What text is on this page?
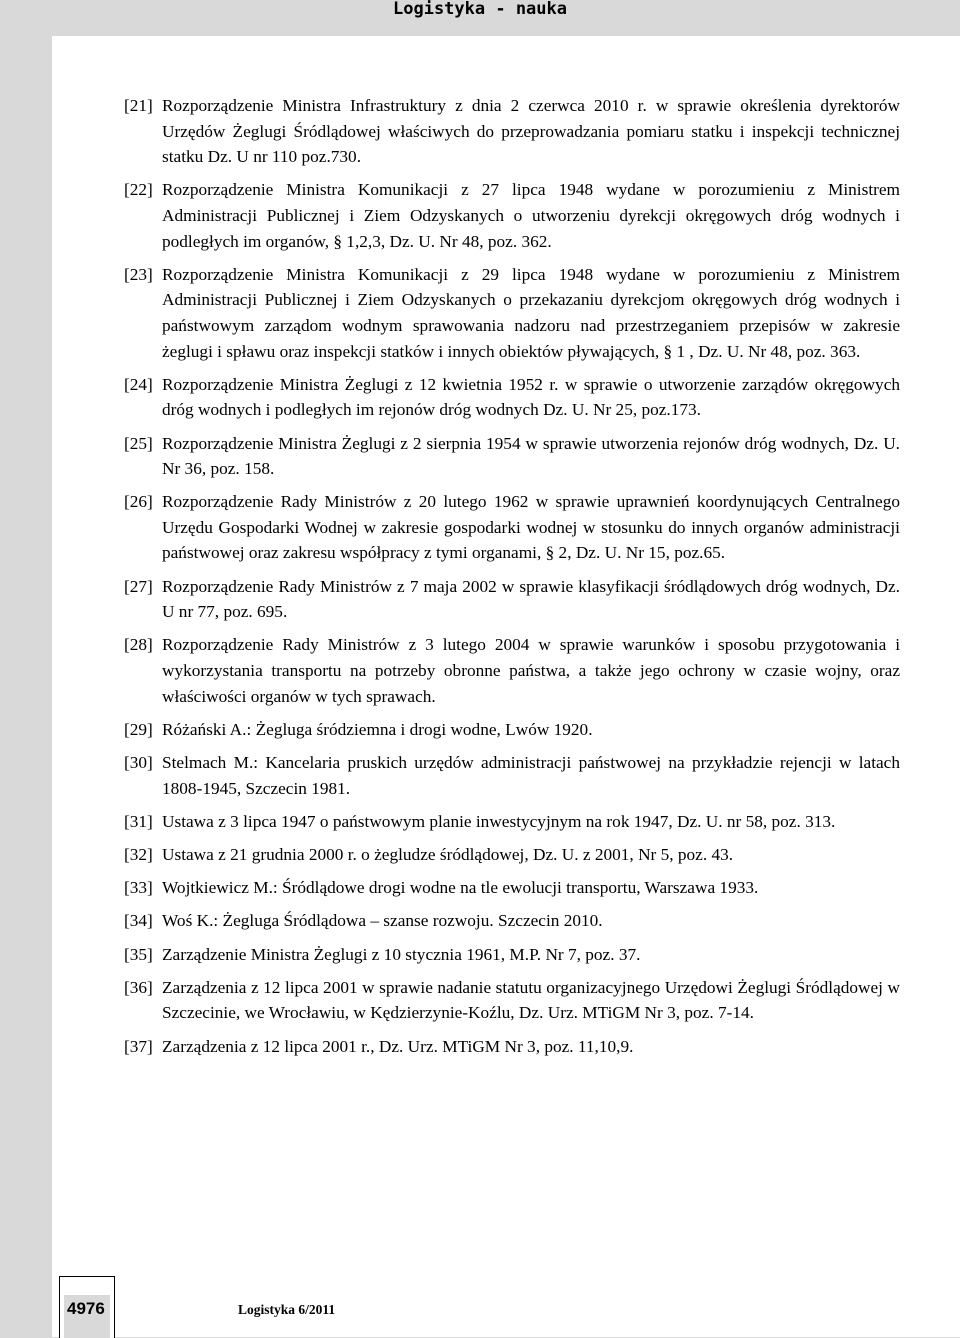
Logistyka - nauka
[21] Rozporządzenie Ministra Infrastruktury z dnia 2 czerwca 2010 r. w sprawie określenia dyrektorów Urzędów Żeglugi Śródlądowej właściwych do przeprowadzania pomiaru statku i inspekcji technicznej statku Dz. U nr 110 poz.730.
[22] Rozporządzenie Ministra Komunikacji z 27 lipca 1948 wydane w porozumieniu z Ministrem Administracji Publicznej i Ziem Odzyskanych o utworzeniu dyrekcji okręgowych dróg wodnych i podległych im organów, § 1,2,3, Dz. U. Nr 48, poz. 362.
[23] Rozporządzenie Ministra Komunikacji z 29 lipca 1948 wydane w porozumieniu z Ministrem Administracji Publicznej i Ziem Odzyskanych o przekazaniu dyrekcjom okręgowych dróg wodnych i państwowym zarządom wodnym sprawowania nadzoru nad przestrzeganiem przepisów w zakresie żeglugi i spławu oraz inspekcji statków i innych obiektów pływających, § 1 , Dz. U. Nr 48, poz. 363.
[24] Rozporządzenie Ministra Żeglugi z 12 kwietnia 1952 r. w sprawie o utworzenie zarządów okręgowych dróg wodnych i podległych im rejonów dróg wodnych Dz. U. Nr 25, poz.173.
[25] Rozporządzenie Ministra Żeglugi z 2 sierpnia 1954 w sprawie utworzenia rejonów dróg wodnych, Dz. U. Nr 36, poz. 158.
[26] Rozporządzenie Rady Ministrów z 20 lutego 1962 w sprawie uprawnień koordynujących Centralnego Urzędu Gospodarki Wodnej w zakresie gospodarki wodnej w stosunku do innych organów administracji państwowej oraz zakresu współpracy z tymi organami, § 2, Dz. U. Nr 15, poz.65.
[27] Rozporządzenie Rady Ministrów z 7 maja 2002 w sprawie klasyfikacji śródlądowych dróg wodnych, Dz. U nr 77, poz. 695.
[28] Rozporządzenie Rady Ministrów z 3 lutego 2004 w sprawie warunków i sposobu przygotowania i wykorzystania transportu na potrzeby obronne państwa, a także jego ochrony w czasie wojny, oraz właściwości organów w tych sprawach.
[29] Różański A.: Żegluga śródziemna i drogi wodne, Lwów 1920.
[30] Stelmach M.: Kancelaria pruskich urzędów administracji państwowej na przykładzie rejencji w latach 1808-1945, Szczecin 1981.
[31] Ustawa z 3 lipca 1947 o państwowym planie inwestycyjnym na rok 1947, Dz. U. nr 58, poz. 313.
[32] Ustawa z 21 grudnia 2000 r. o żegludze śródlądowej, Dz. U. z 2001, Nr 5, poz. 43.
[33] Wojtkiewicz M.: Śródlądowe drogi wodne na tle ewolucji transportu, Warszawa 1933.
[34] Woś K.: Żegluga Śródlądowa – szanse rozwoju. Szczecin 2010.
[35] Zarządzenie Ministra Żeglugi z 10 stycznia 1961, M.P. Nr 7, poz. 37.
[36] Zarządzenia z 12 lipca 2001 w sprawie nadanie statutu organizacyjnego Urzędowi Żeglugi Śródlądowej w Szczecinie, we Wrocławiu, w Kędzierzynie-Koźlu, Dz. Urz. MTiGM Nr 3, poz. 7-14.
[37] Zarządzenia z 12 lipca 2001 r., Dz. Urz. MTiGM Nr 3, poz. 11,10,9.
4976	Logistyka 6/2011
